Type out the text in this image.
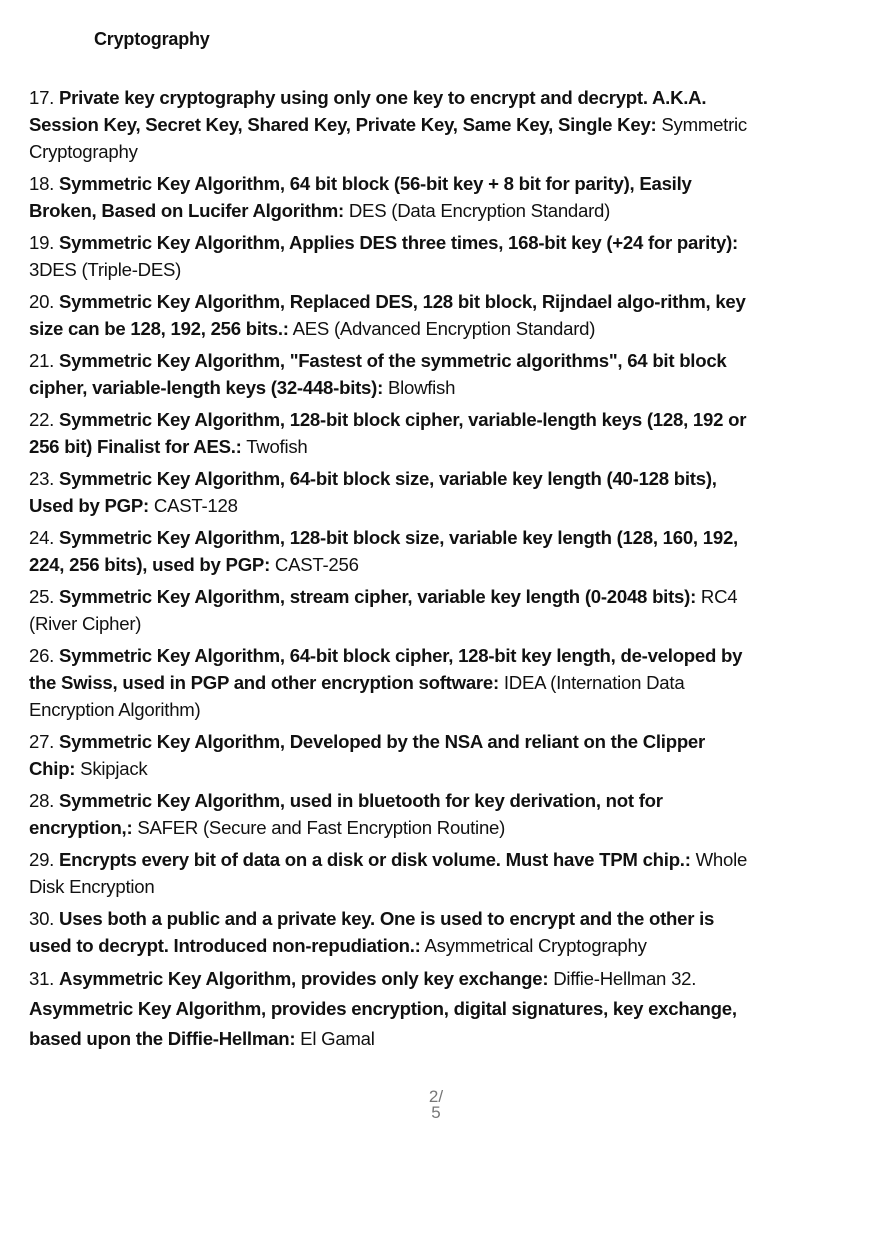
Cryptography

17. Private key cryptography using only one key to encrypt and decrypt. A.K.A. Session Key, Secret Key, Shared Key, Private Key, Same Key, Single Key: Symmetric Cryptography

18. Symmetric Key Algorithm, 64 bit block (56-bit key + 8 bit for parity), Easily Broken, Based on Lucifer Algorithm: DES (Data Encryption Standard)

19. Symmetric Key Algorithm, Applies DES three times, 168-bit key (+24 for parity): 3DES (Triple-DES)

20. Symmetric Key Algorithm, Replaced DES, 128 bit block, Rijndael algo-rithm, key size can be 128, 192, 256 bits.: AES (Advanced Encryption Standard)

21. Symmetric Key Algorithm, "Fastest of the symmetric algorithms", 64 bit block cipher, variable-length keys (32-448-bits): Blowfish

22. Symmetric Key Algorithm, 128-bit block cipher, variable-length keys (128, 192 or 256 bit) Finalist for AES.: Twofish

23. Symmetric Key Algorithm, 64-bit block size, variable key length (40-128 bits), Used by PGP: CAST-128

24. Symmetric Key Algorithm, 128-bit block size, variable key length (128, 160, 192, 224, 256 bits), used by PGP: CAST-256

25. Symmetric Key Algorithm, stream cipher, variable key length (0-2048 bits): RC4 (River Cipher)

26. Symmetric Key Algorithm, 64-bit block cipher, 128-bit key length, de-veloped by the Swiss, used in PGP and other encryption software: IDEA (Internation Data Encryption Algorithm)

27. Symmetric Key Algorithm, Developed by the NSA and reliant on the Clipper Chip: Skipjack

28. Symmetric Key Algorithm, used in bluetooth for key derivation, not for encryption,: SAFER (Secure and Fast Encryption Routine)

29. Encrypts every bit of data on a disk or disk volume. Must have TPM chip.: Whole Disk Encryption

30. Uses both a public and a private key. One is used to encrypt and the other is used to decrypt. Introduced non-repudiation.: Asymmetrical Cryptography

31. Asymmetric Key Algorithm, provides only key exchange: Diffie-Hellman 32. Asymmetric Key Algorithm, provides encryption, digital signatures, key exchange, based upon the Diffie-Hellman: El Gamal

2/
5
